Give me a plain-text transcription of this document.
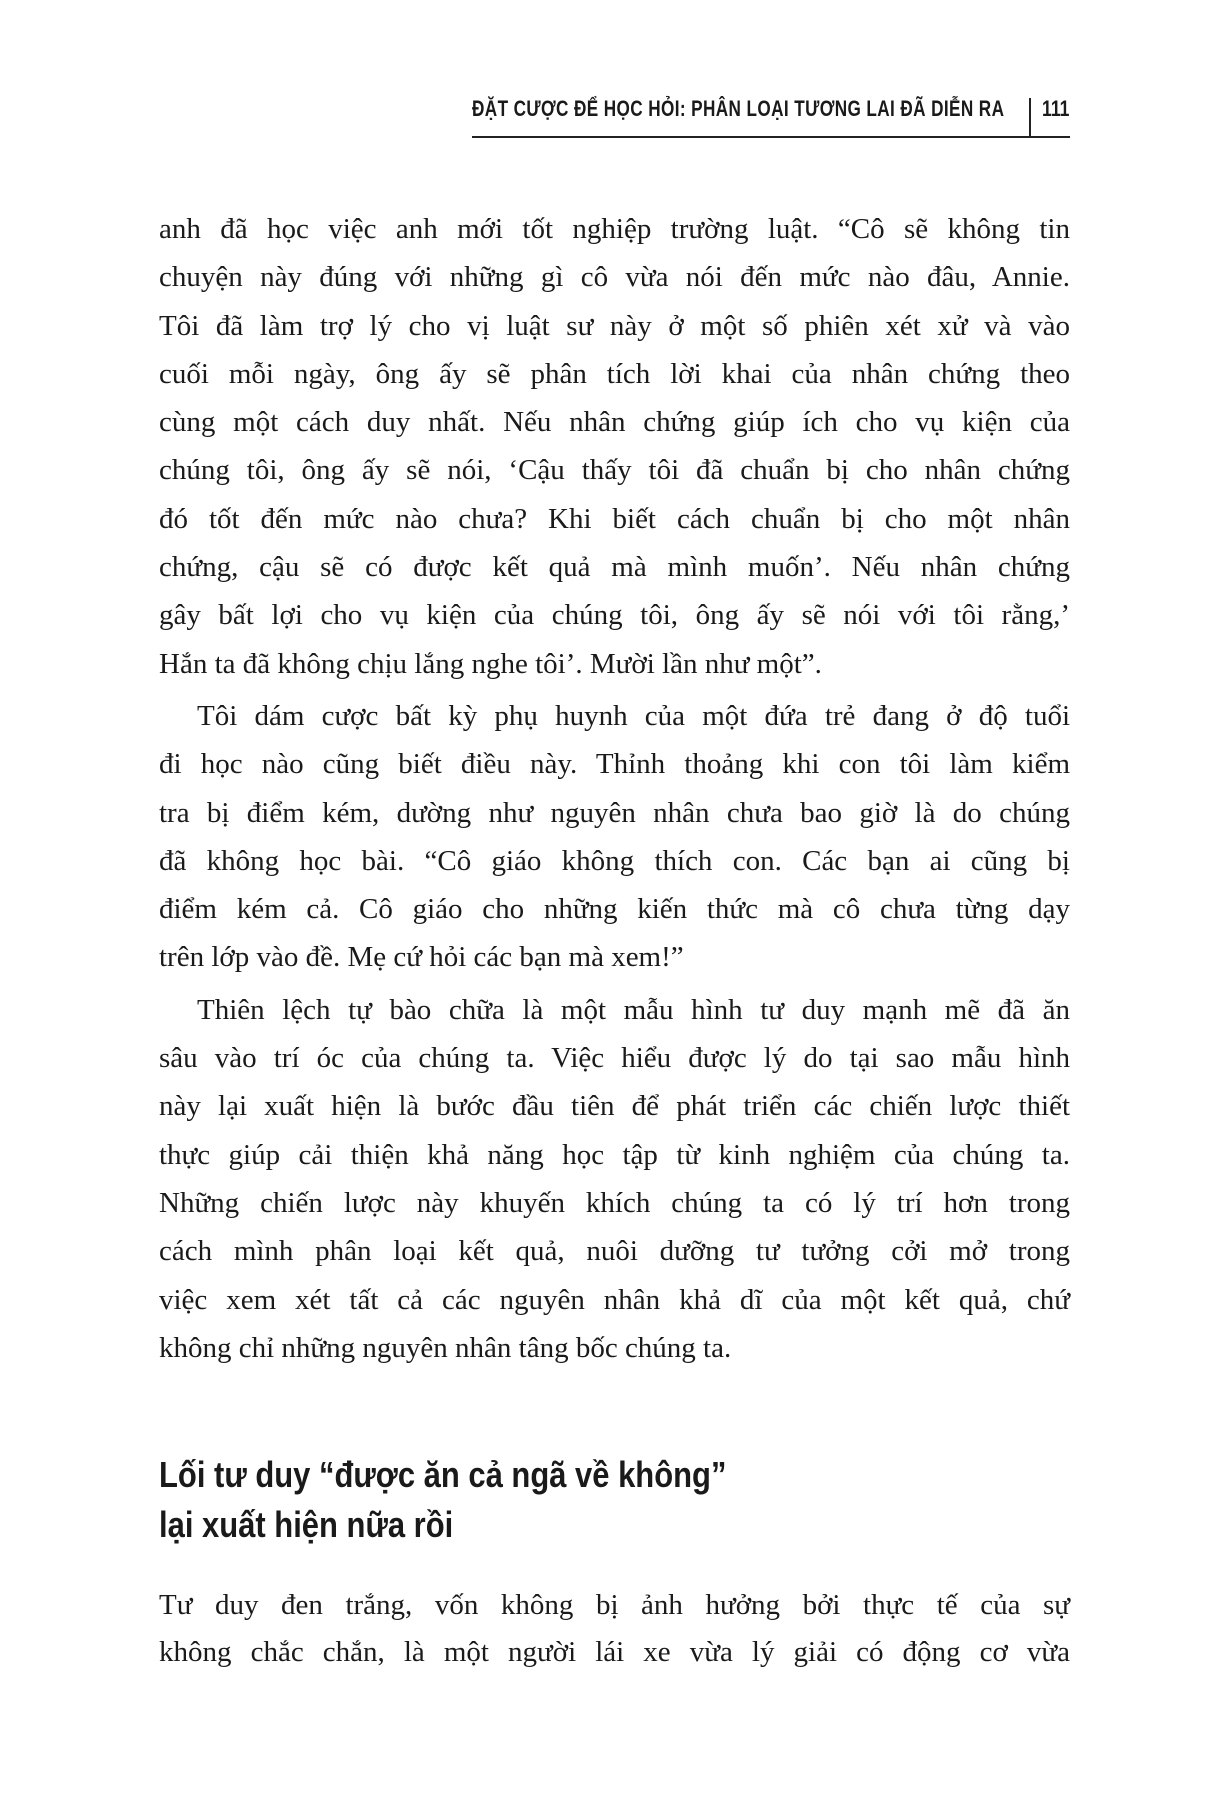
ĐẶT CƯỢC ĐỂ HỌC HỎI: PHÂN LOẠI TƯƠNG LAI ĐÃ DIỄN RA 111
anh đã học việc anh mới tốt nghiệp trường luật. “Cô sẽ không tin
chuyện này đúng với những gì cô vừa nói đến mức nào đâu, Annie.
Tôi đã làm trợ lý cho vị luật sư này ở một số phiên xét xử và vào
cuối mỗi ngày, ông ấy sẽ phân tích lời khai của nhân chứng theo
cùng một cách duy nhất. Nếu nhân chứng giúp ích cho vụ kiện của
chúng tôi, ông ấy sẽ nói, ‘Cậu thấy tôi đã chuẩn bị cho nhân chứng
đó tốt đến mức nào chưa? Khi biết cách chuẩn bị cho một nhân
chứng, cậu sẽ có được kết quả mà mình muốn’. Nếu nhân chứng
gây bất lợi cho vụ kiện của chúng tôi, ông ấy sẽ nói với tôi rằng,’
Hắn ta đã không chịu lắng nghe tôi’. Mười lần như một”.
Tôi dám cược bất kỳ phụ huynh của một đứa trẻ đang ở độ tuổi
đi học nào cũng biết điều này. Thỉnh thoảng khi con tôi làm kiểm
tra bị điểm kém, dường như nguyên nhân chưa bao giờ là do chúng
đã không học bài. “Cô giáo không thích con. Các bạn ai cũng bị
điểm kém cả. Cô giáo cho những kiến thức mà cô chưa từng dạy
trên lớp vào đề. Mẹ cứ hỏi các bạn mà xem!”
Thiên lệch tự bào chữa là một mẫu hình tư duy mạnh mẽ đã ăn
sâu vào trí óc của chúng ta. Việc hiểu được lý do tại sao mẫu hình
này lại xuất hiện là bước đầu tiên để phát triển các chiến lược thiết
thực giúp cải thiện khả năng học tập từ kinh nghiệm của chúng ta.
Những chiến lược này khuyến khích chúng ta có lý trí hơn trong
cách mình phân loại kết quả, nuôi dưỡng tư tưởng cởi mở trong
việc xem xét tất cả các nguyên nhân khả dĩ của một kết quả, chứ
không chỉ những nguyên nhân tâng bốc chúng ta.
Lối tư duy “được ăn cả ngã về không”
lại xuất hiện nữa rồi
Tư duy đen trắng, vốn không bị ảnh hưởng bởi thực tế của sự
không chắc chắn, là một người lái xe vừa lý giải có động cơ vừa
